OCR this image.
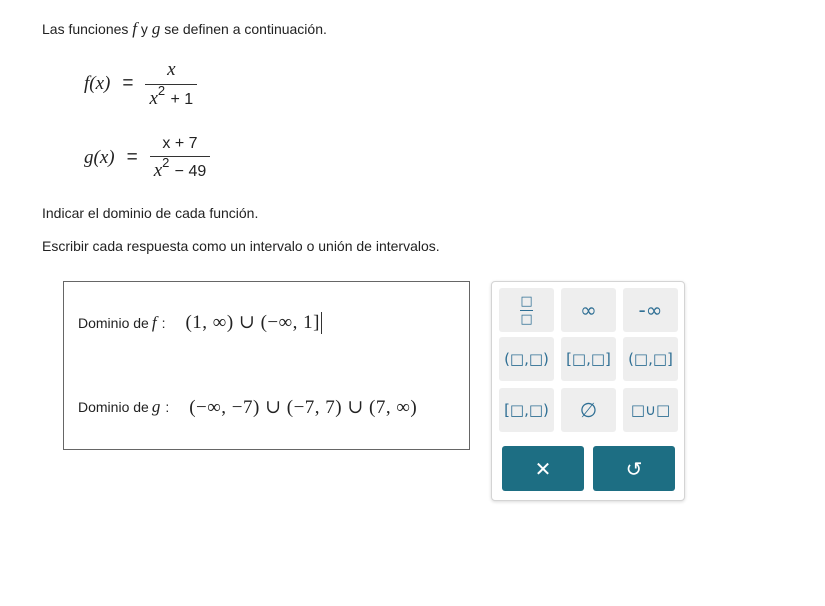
Las funciones f y g se definen a continuación.
$f(x) = \frac{x}{x^2 + 1}$
$g(x) = \frac{x + 7}{x^2 - 49}$
Indicar el dominio de cada función.
Escribir cada respuesta como un intervalo o unión de intervalos.
Dominio de f : (1, ∞) ∪ (−∞, 1]
Dominio de g : (−∞, −7) ∪ (−7, 7) ∪ (7, ∞)
$\frac{□}{□}$	∞	-∞
(□,□)	[□,□]	(□,□]
[□,□)	∅	□∪□
✕	↺
